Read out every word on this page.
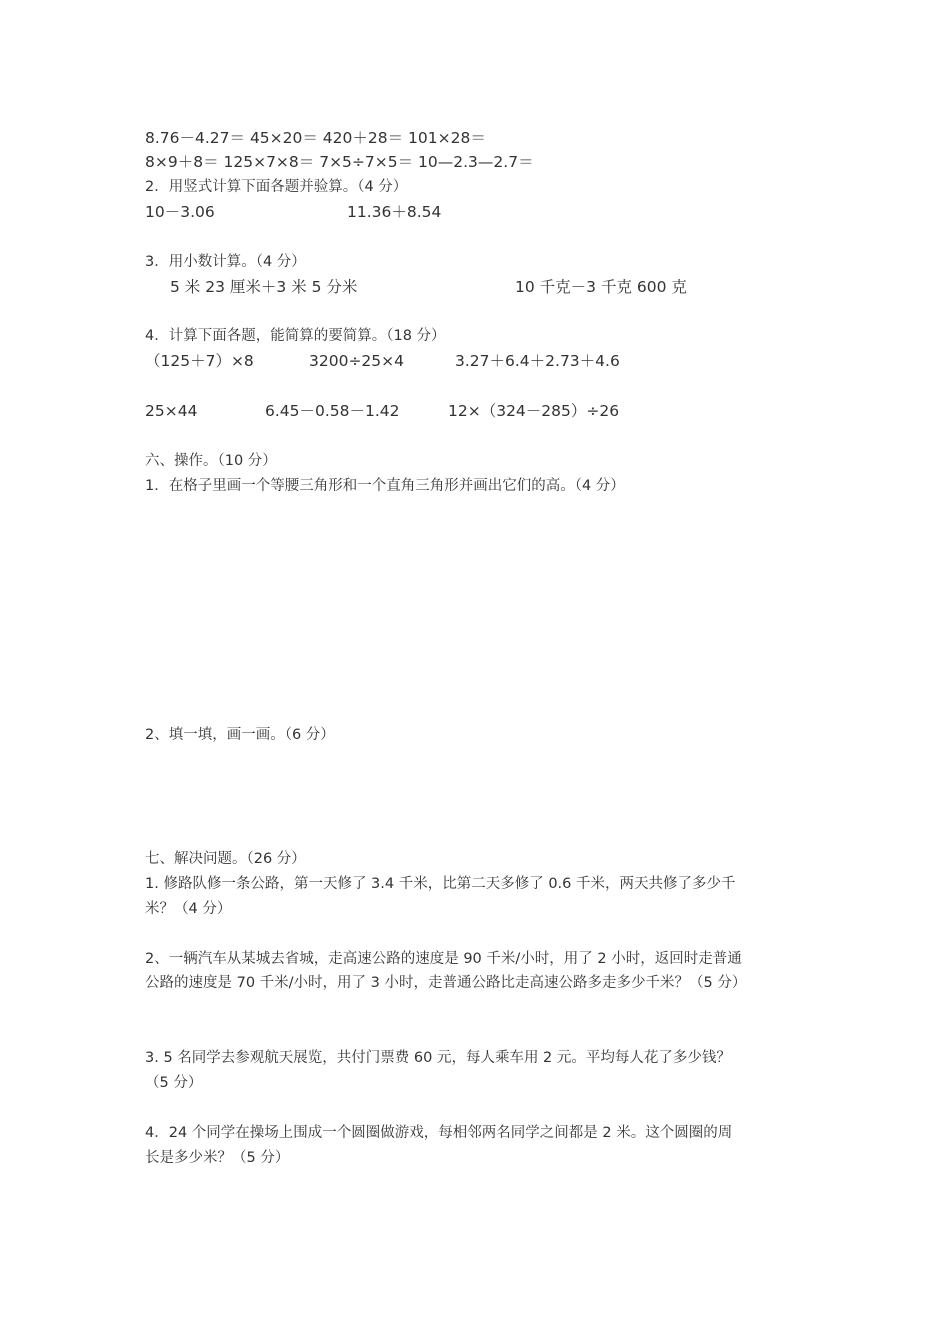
8.76－4.27＝ 45×20＝ 420＋28＝ 101×28＝
8×9＋8＝ 125×7×8＝ 7×5÷7×5＝ 10—2.3—2.7＝
2．用竖式计算下面各题并验算。（4 分）
10－3.06	11.36＋8.54
3．用小数计算。（4 分）
5 米 23 厘米＋3 米 5 分米	10 千克－3 千克 600 克
4．计算下面各题，能简算的要简算。（18 分）
（125＋7）×8	3200÷25×4	3.27＋6.4＋2.73＋4.6
25×44	6.45－0.58－1.42	12×（324－285）÷26
六、操作。（10 分）
1．在格子里画一个等腰三角形和一个直角三角形并画出它们的高。（4 分）
2、填一填，画一画。（6 分）
七、解决问题。（26 分）
1. 修路队修一条公路，第一天修了 3.4 千米，比第二天多修了 0.6 千米，两天共修了多少千
米？（4 分）
2、一辆汽车从某城去省城，走高速公路的速度是 90 千米/小时，用了 2 小时，返回时走普通
公路的速度是 70 千米/小时，用了 3 小时，走普通公路比走高速公路多走多少千米？（5 分）
3. 5 名同学去参观航天展览，共付门票费 60 元，每人乘车用 2 元。平均每人花了多少钱？
（5 分）
4．24 个同学在操场上围成一个圆圈做游戏，每相邻两名同学之间都是 2 米。这个圆圈的周
长是多少米？（5 分）
